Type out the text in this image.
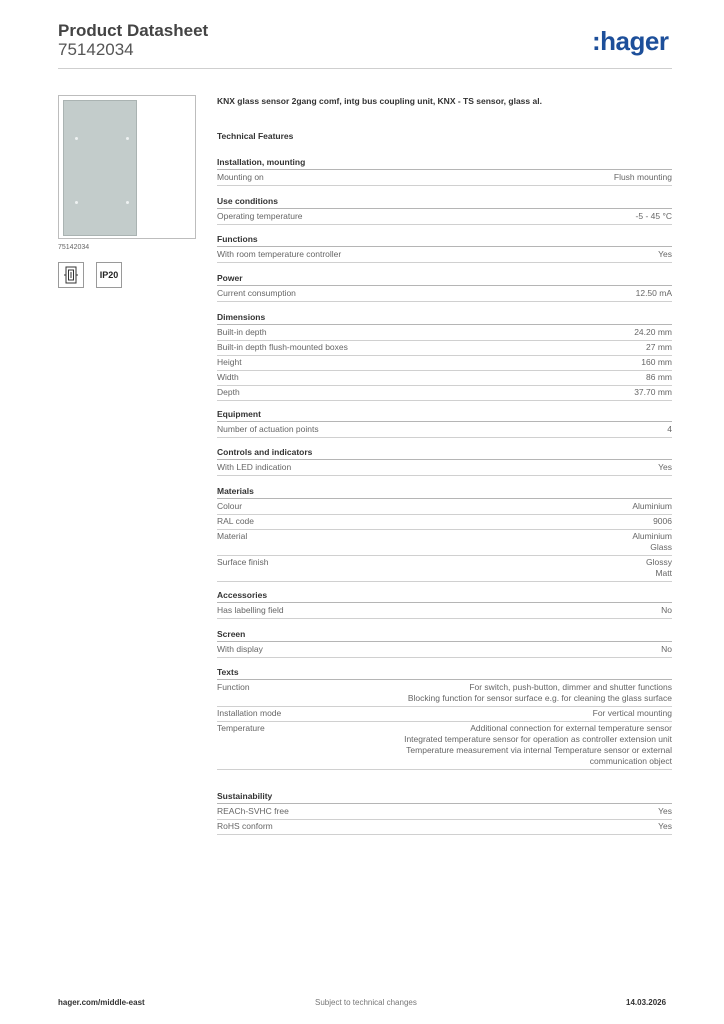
Product Datasheet
75142034	:hager
75142034
IP20
KNX glass sensor 2gang comf, intg bus coupling unit, KNX - TS sensor, glass al.
Technical Features
Installation, mounting
Mounting on	Flush mounting
Use conditions
Operating temperature	-5 - 45 °C
Functions
With room temperature controller	Yes
Power
Current consumption	12.50 mA
Dimensions
Built-in depth	24.20 mm
Built-in depth flush-mounted boxes	27 mm
Height	160 mm
Width	86 mm
Depth	37.70 mm
Equipment
Number of actuation points	4
Controls and indicators
With LED indication	Yes
Materials
Colour	Aluminium
RAL code	9006
Material	Aluminium
Glass
Surface finish	Glossy
Matt
Accessories
Has labelling field	No
Screen
With display	No
Texts
Function	For switch, push-button, dimmer and shutter functions
Blocking function for sensor surface e.g. for cleaning the glass surface
Installation mode	For vertical mounting
Temperature	Additional connection for external temperature sensor
Integrated temperature sensor for operation as controller extension unit
Temperature measurement via internal Temperature sensor or external communication object
Sustainability
REACh-SVHC free	Yes
RoHS conform	Yes
hager.com/middle-east	Subject to technical changes	14.03.2026
